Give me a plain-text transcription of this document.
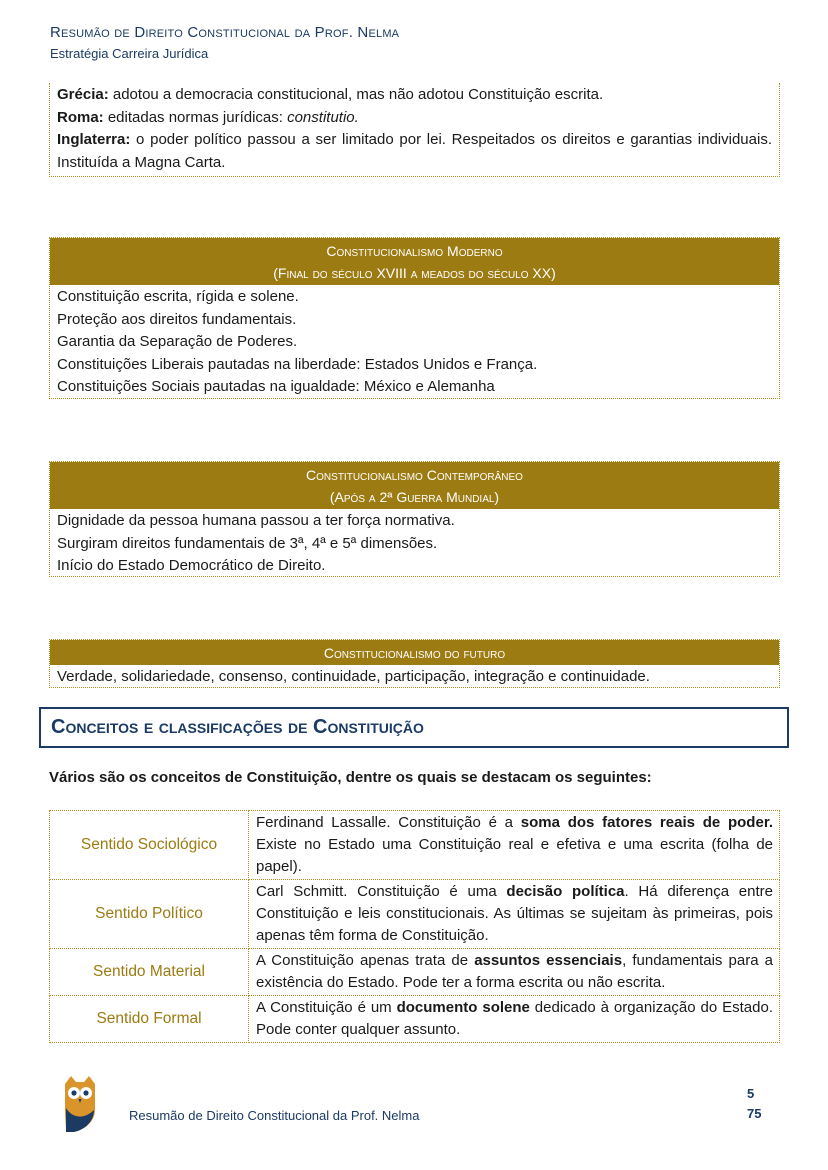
Resumão de Direito Constitucional da Prof. Nelma
Estratégia Carreira Jurídica
Grécia: adotou a democracia constitucional, mas não adotou Constituição escrita.
Roma: editadas normas jurídicas: constitutio.
Inglaterra: o poder político passou a ser limitado por lei. Respeitados os direitos e garantias individuais. Instituída a Magna Carta.
Constitucionalismo Moderno
(Final do século XVIII a meados do século XX)
Constituição escrita, rígida e solene.
Proteção aos direitos fundamentais.
Garantia da Separação de Poderes.
Constituições Liberais pautadas na liberdade: Estados Unidos e França.
Constituições Sociais pautadas na igualdade: México e Alemanha
Constitucionalismo Contemporâneo
(Após a 2ª Guerra Mundial)
Dignidade da pessoa humana passou a ter força normativa.
Surgiram direitos fundamentais de 3ª, 4ª e 5ª dimensões.
Início do Estado Democrático de Direito.
Constitucionalismo do futuro
Verdade, solidariedade, consenso, continuidade, participação, integração e continuidade.
Conceitos e classificações de Constituição
Vários são os conceitos de Constituição, dentre os quais se destacam os seguintes:
Sentido Sociológico	Ferdinand Lassalle. Constituição é a soma dos fatores reais de poder. Existe no Estado uma Constituição real e efetiva e uma escrita (folha de papel).
Sentido Político	Carl Schmitt. Constituição é uma decisão política. Há diferença entre Constituição e leis constitucionais. As últimas se sujeitam às primeiras, pois apenas têm forma de Constituição.
Sentido Material	A Constituição apenas trata de assuntos essenciais, fundamentais para a existência do Estado. Pode ter a forma escrita ou não escrita.
Sentido Formal	A Constituição é um documento solene dedicado à organização do Estado. Pode conter qualquer assunto.
Resumão de Direito Constitucional da Prof. Nelma
5
75
